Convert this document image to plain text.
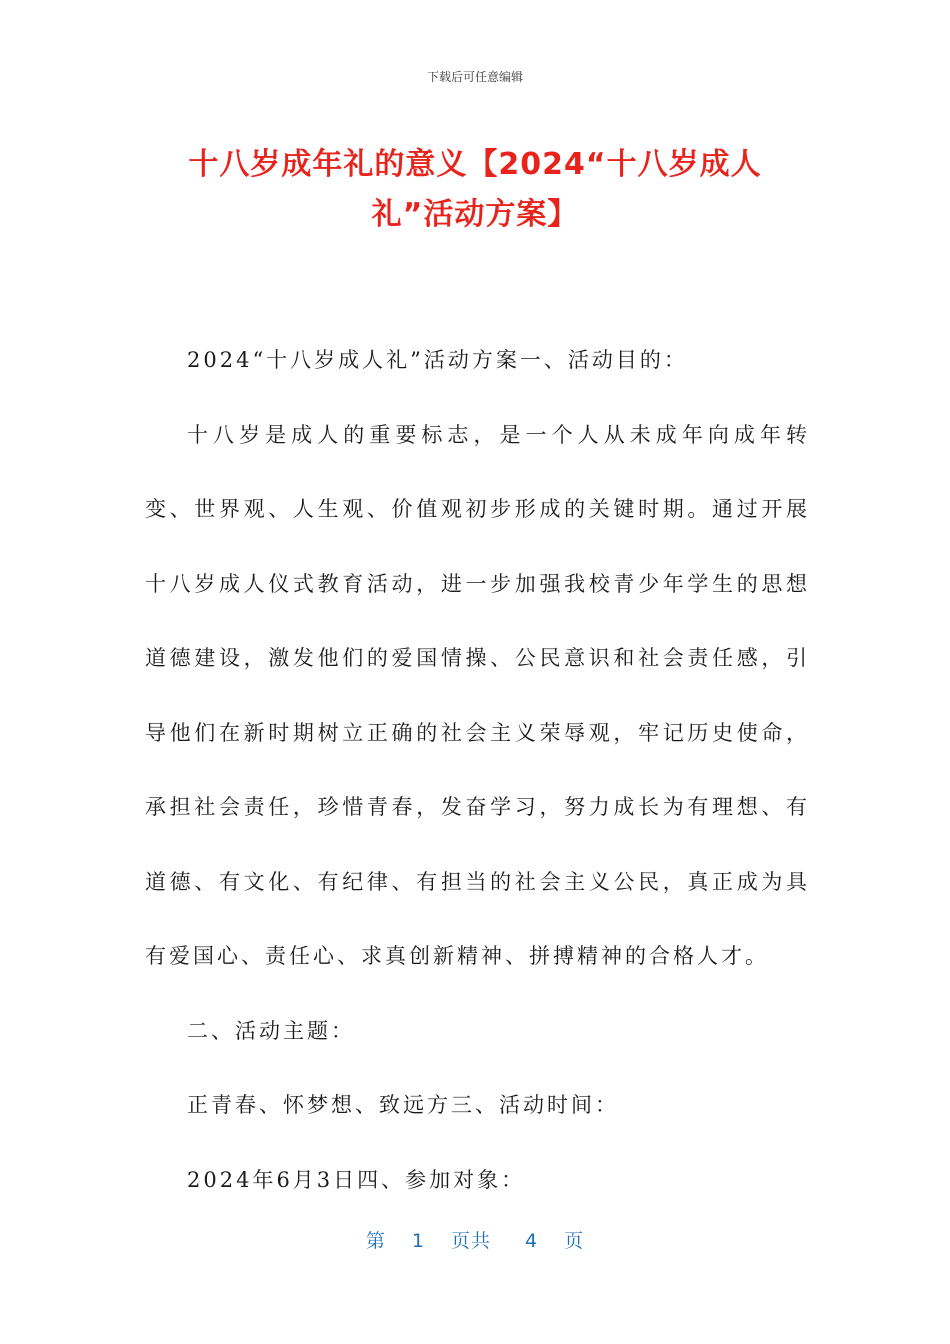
下载后可任意编辑
十八岁成年礼的意义【2024“十八岁成人
礼”活动方案】

2024“十八岁成人礼”活动方案一、活动目的：

十八岁是成人的重要标志，是一个人从未成年向成年转变、世界观、人生观、价值观初步形成的关键时期。通过开展十八岁成人仪式教育活动，进一步加强我校青少年学生的思想道德建设，激发他们的爱国情操、公民意识和社会责任感，引导他们在新时期树立正确的社会主义荣辱观，牢记历史使命，承担社会责任，珍惜青春，发奋学习，努力成长为有理想、有道德、有文化、有纪律、有担当的社会主义公民，真正成为具有爱国心、责任心、求真创新精神、拼搏精神的合格人才。

二、活动主题：

正青春、怀梦想、致远方三、活动时间：

2024年6月3日四、参加对象：

第 1 页共 4 页
